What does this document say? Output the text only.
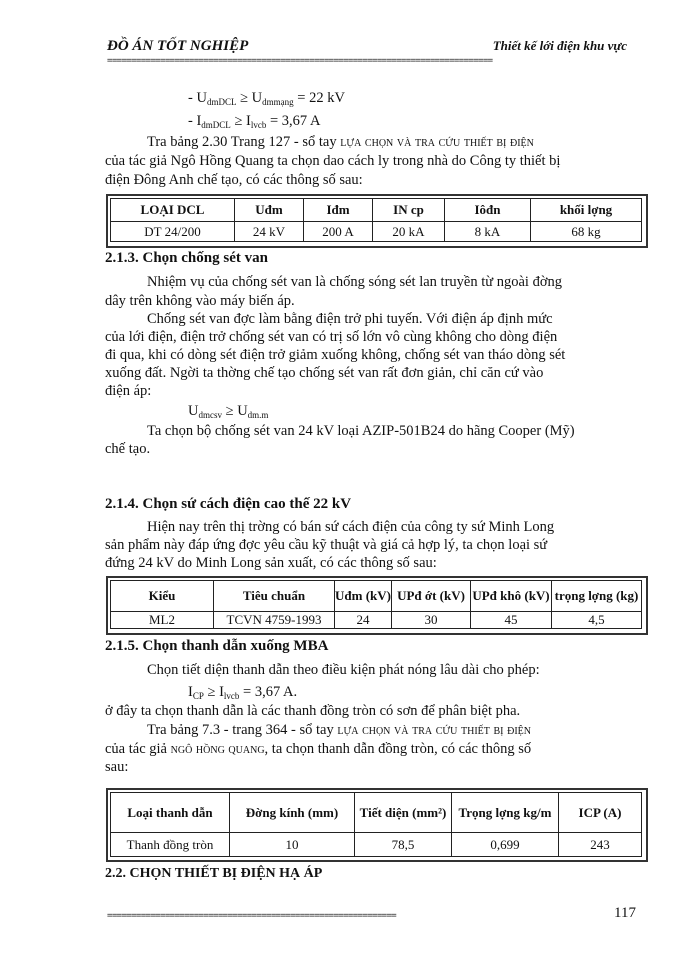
ĐỒ ÁN TỐT NGHIỆP	Thiết kế lới điện khu vực
================================================================================
- $U_{dmDCL} \ge U_{dmmạng} = 22$ kV
- $I_{dmDCL} \ge I_{lvcb} = 3,67$ A
Tra bảng 2.30 Trang 127 - sổ tay lựa chọn và tra cứu thiết bị điện
của tác giả Ngô Hồng Quang ta chọn dao cách ly trong nhà do Công ty thiết bị
điện Đông Anh chế tạo, có các thông số sau:
LOẠI DCL	Uđm	Iđm	IN cp	Iôđn	khối lợng
DT 24/200	24 kV	200 A	20 kA	8 kA	68 kg
2.1.3. Chọn chống sét van
Nhiệm vụ của chống sét van là chống sóng sét lan truyền từ ngoài đờng
dây trên không vào máy biến áp.
Chống sét van đợc làm bằng điện trở phi tuyến. Với điện áp định mức
của lới điện, điện trở chống sét van có trị số lớn vô cùng không cho dòng điện
đi qua, khi có dòng sét điện trở giảm xuống không, chống sét van tháo dòng sét
xuống đất. Ngời ta thờng chế tạo chống sét van rất đơn giản, chỉ căn cứ vào
điện áp:
$U_{dmcsv} \ge U_{dm.m}$
Ta chọn bộ chống sét van 24 kV loại AZIP-501B24 do hãng Cooper (Mỹ)
chế tạo.
2.1.4. Chọn sứ cách điện cao thế 22 kV
Hiện nay trên thị trờng có bán sứ cách điện của công ty sứ Minh Long
sản phẩm này đáp ứng đợc yêu cầu kỹ thuật và giá cả hợp lý, ta chọn loại sứ
đứng 24 kV do Minh Long sản xuất, có các thông số sau:
Kiểu	Tiêu chuẩn	Uđm (kV)	UPđ ớt (kV)	UPđ khô (kV)	trọng lợng (kg)
ML2	TCVN 4759-1993	24	30	45	4,5
2.1.5. Chọn thanh dẫn xuống MBA
Chọn tiết diện thanh dẫn theo điều kiện phát nóng lâu dài cho phép:
$I_{CP} \ge I_{lvcb} = 3,67$ A.
ở đây ta chọn thanh dẫn là các thanh đồng tròn có sơn để phân biệt pha.
Tra bảng 7.3 - trang 364 - sổ tay lựa chọn và tra cứu thiết bị điện
của tác giả ngô hồng quang, ta chọn thanh dẫn đồng tròn, có các thông số
sau:
Loại thanh dẫn	Đờng kính (mm)	Tiết diện (mm²)	Trọng lợng kg/m	ICP (A)
Thanh đồng tròn	10	78,5	0,699	243
2.2. CHỌN THIẾT BỊ ĐIỆN HẠ ÁP
============================================================	117
